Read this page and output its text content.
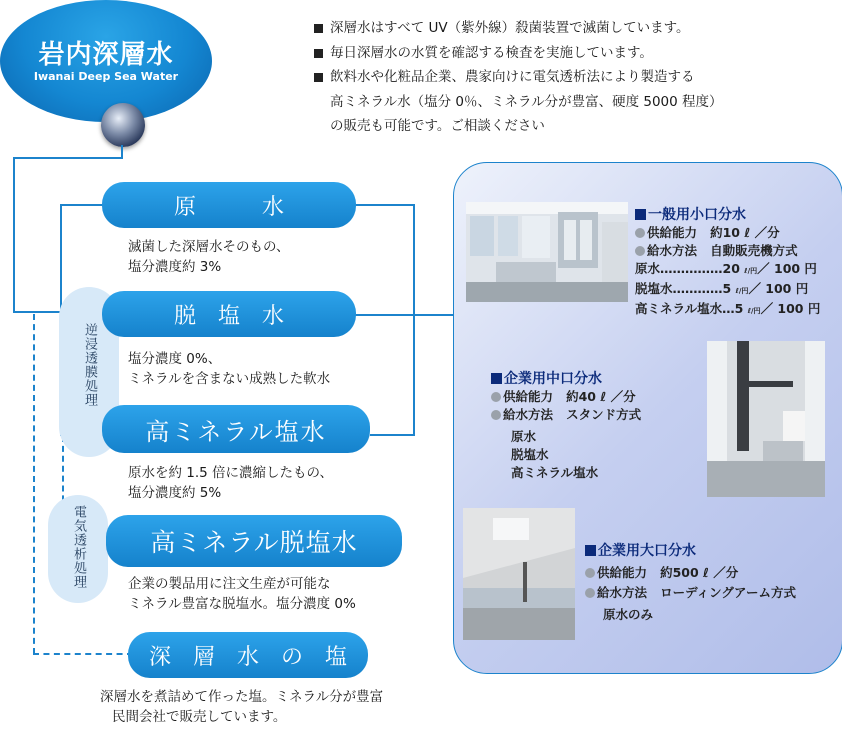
岩内深層水
Iwanai Deep Sea Water
深層水はすべて UV（紫外線）殺菌装置で滅菌しています。
毎日深層水の水質を確認する検査を実施しています。
飲料水や化粧品企業、農家向けに電気透析法により製造する
高ミネラル水（塩分 0％、ミネラル分が豊富、硬度 5000 程度）
の販売も可能です。ご相談ください
逆浸透膜処理
電気透析処理
原　　　水
滅菌した深層水そのもの、
塩分濃度約 3%
脱　塩　水
塩分濃度 0%、
ミネラルを含まない成熟した軟水
高ミネラル塩水
原水を約 1.5 倍に濃縮したもの、
塩分濃度約 5%
高ミネラル脱塩水
企業の製品用に注文生産が可能な
ミネラル豊富な脱塩水。塩分濃度 0%
深　層　水　の　塩
深層水を煮詰めて作った塩。ミネラル分が豊富
民間会社で販売しています。
一般用小口分水
供給能力 約10 ℓ ／分
給水方法 自動販売機方式
原水……………20 ℓ/円／ 100 円
脱塩水…………5 ℓ/円／ 100 円
高ミネラル塩水…5 ℓ/円／ 100 円
企業用中口分水
供給能力 約40 ℓ ／分
給水方法 スタンド方式
原水
脱塩水
高ミネラル塩水
企業用大口分水
供給能力 約500 ℓ ／分
給水方法 ローディングアーム方式
原水のみ
